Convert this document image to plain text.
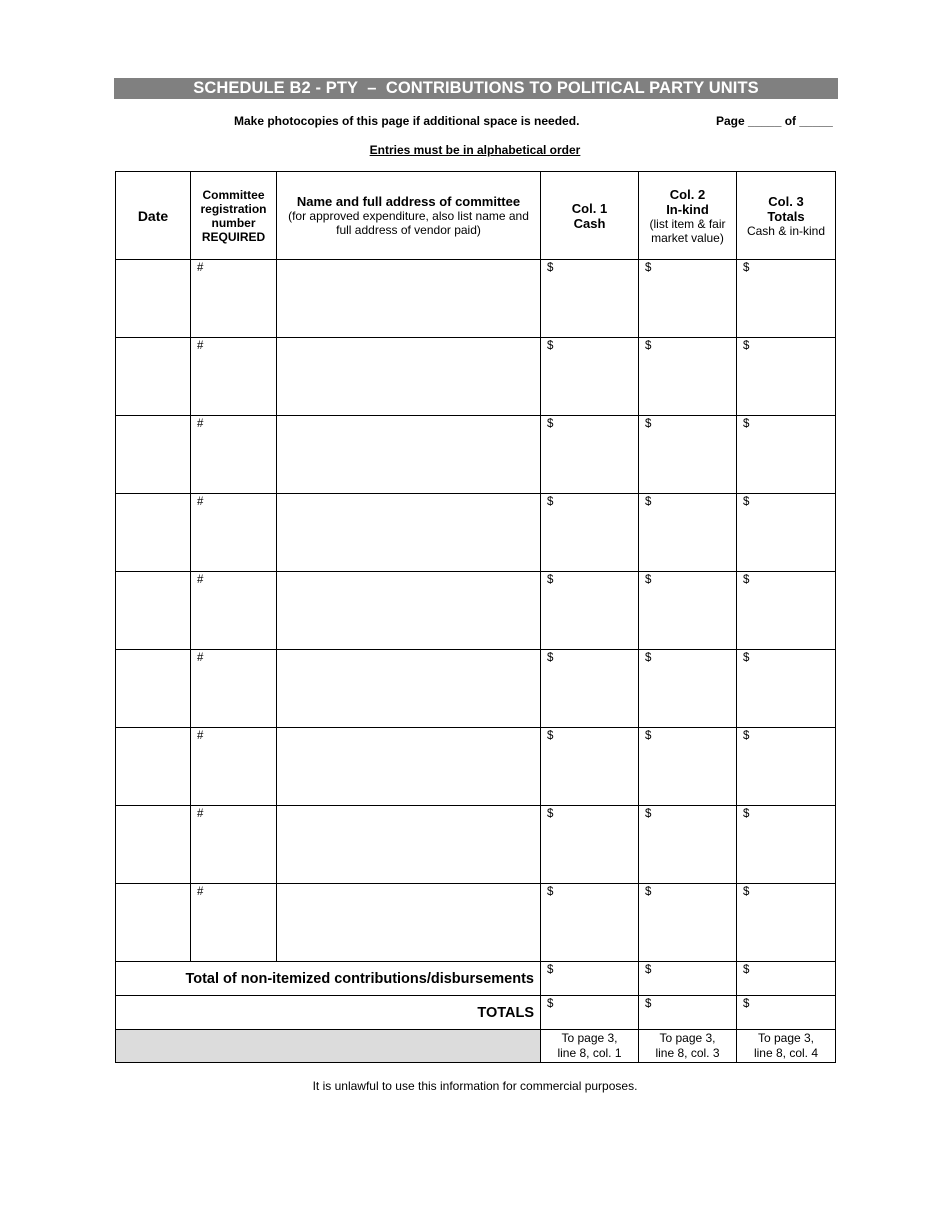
SCHEDULE B2 - PTY  –  CONTRIBUTIONS TO POLITICAL PARTY UNITS
Make photocopies of this page if additional space is needed.	Page _____ of _____
Entries must be in alphabetical order
Date	Committee
registration
number
REQUIRED	Name and full address of committee
(for approved expenditure, also list name and full address of vendor paid)	Col. 1
Cash	Col. 2
In-kind
(list item & fair market value)	Col. 3
Totals
Cash & in-kind

	#		$	$	$

	#		$	$	$

	#		$	$	$

	#		$	$	$

	#		$	$	$

	#		$	$	$

	#		$	$	$

	#		$	$	$

	#		$	$	$

Total of non-itemized contributions/disbursements			$	$	$

TOTALS			$	$	$

			To page 3,
line 8, col. 1	To page 3,
line 8, col. 3	To page 3,
line 8, col. 4
It is unlawful to use this information for commercial purposes.
